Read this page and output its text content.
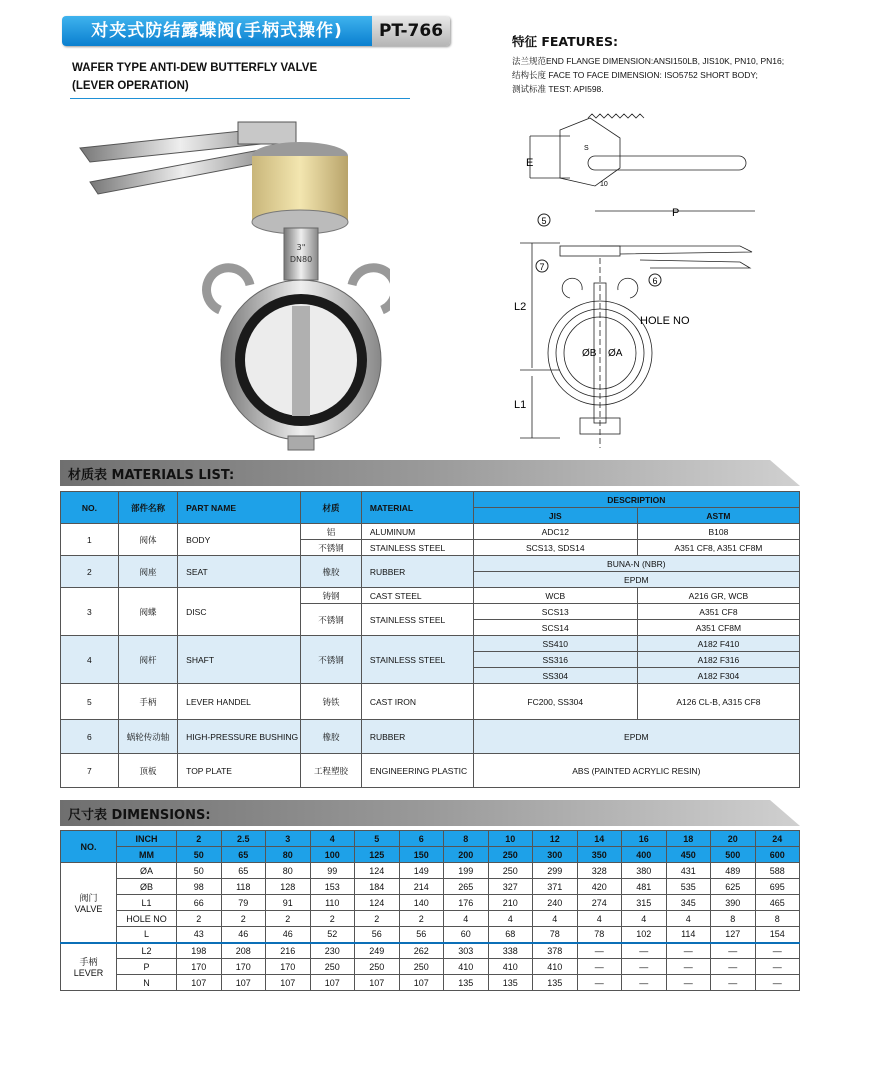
对夹式防结露蝶阀(手柄式操作)	PT-766
WAFER TYPE ANTI-DEW BUTTERFLY VALVE
(LEVER OPERATION)
特征 FEATURES:
法兰规范END FLANGE DIMENSION:ANSI150LB, JIS10K, PN10, PN16;
结构长度 FACE TO FACE DIMENSION: ISO5752 SHORT BODY;
测试标准 TEST: API598.
3"
DN80
E
P
L2
L1
HOLE NO
ØB ØA
5
6
7
S
10
材质表 MATERIALS LIST:
NO.	部件名称	PART NAME	材质	MATERIAL	DESCRIPTION	
					JIS	ASTM
1	阀体	BODY	铝	ALUMINUM	ADC12	B108
			不锈钢	STAINLESS STEEL	SCS13, SDS14	A351 CF8, A351 CF8M
2	阀座	SEAT	橡胶	RUBBER	BUNA-N (NBR)	
					EPDM	
3	阀蝶	DISC	铸钢	CAST STEEL	WCB	A216 GR, WCB
			不锈钢	STAINLESS STEEL	SCS13	A351 CF8
					SCS14	A351 CF8M
4	阀杆	SHAFT	不锈钢	STAINLESS STEEL	SS410	A182 F410
					SS316	A182 F316
					SS304	A182 F304
5	手柄	LEVER HANDEL	铸铁	CAST IRON	FC200, SS304	A126 CL-B, A315 CF8
6	蜗轮传动轴	HIGH-PRESSURE BUSHING	橡胶	RUBBER	EPDM	
7	顶板	TOP PLATE	工程塑胶	ENGINEERING PLASTIC	ABS (PAINTED ACRYLIC RESIN)	
尺寸表 DIMENSIONS:
NO.	INCH	2	2.5	3	4	5	6	8	10	12	14	16	18	20	24
	MM	50	65	80	100	125	150	200	250	300	350	400	450	500	600

阀门
VALVE	ØA	50	65	80	99	124	149	199	250	299	328	380	431	489	588
	ØB	98	118	128	153	184	214	265	327	371	420	481	535	625	695
	L1	66	79	91	110	124	140	176	210	240	274	315	345	390	465
	HOLE NO	2	2	2	2	2	2	4	4	4	4	4	4	8	8
	L	43	46	46	52	56	56	60	68	78	78	102	114	127	154

手柄
LEVER	L2	198	208	216	230	249	262	303	338	378	—	—	—	—	—
	P	170	170	170	250	250	250	410	410	410	—	—	—	—	—
	N	107	107	107	107	107	107	135	135	135	—	—	—	—	—
